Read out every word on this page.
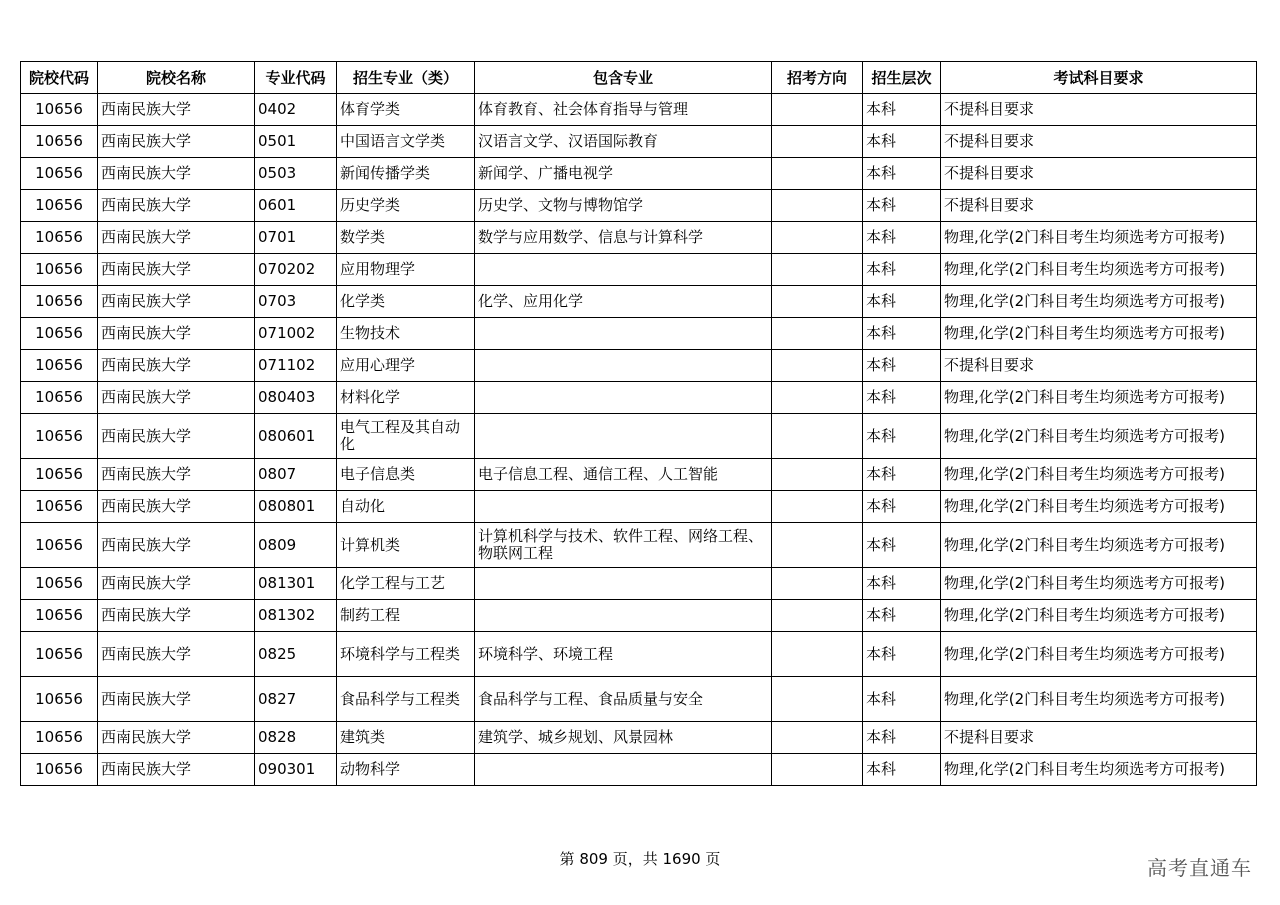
院校代码	院校名称	专业代码	招生专业（类）	包含专业	招考方向	招生层次	考试科目要求
10656	西南民族大学	0402	体育学类	体育教育、社会体育指导与管理		本科	不提科目要求
10656	西南民族大学	0501	中国语言文学类	汉语言文学、汉语国际教育		本科	不提科目要求
10656	西南民族大学	0503	新闻传播学类	新闻学、广播电视学		本科	不提科目要求
10656	西南民族大学	0601	历史学类	历史学、文物与博物馆学		本科	不提科目要求
10656	西南民族大学	0701	数学类	数学与应用数学、信息与计算科学		本科	物理,化学(2门科目考生均须选考方可报考)
10656	西南民族大学	070202	应用物理学			本科	物理,化学(2门科目考生均须选考方可报考)
10656	西南民族大学	0703	化学类	化学、应用化学		本科	物理,化学(2门科目考生均须选考方可报考)
10656	西南民族大学	071002	生物技术			本科	物理,化学(2门科目考生均须选考方可报考)
10656	西南民族大学	071102	应用心理学			本科	不提科目要求
10656	西南民族大学	080403	材料化学			本科	物理,化学(2门科目考生均须选考方可报考)
10656	西南民族大学	080601	电气工程及其自动化			本科	物理,化学(2门科目考生均须选考方可报考)
10656	西南民族大学	0807	电子信息类	电子信息工程、通信工程、人工智能		本科	物理,化学(2门科目考生均须选考方可报考)
10656	西南民族大学	080801	自动化			本科	物理,化学(2门科目考生均须选考方可报考)
10656	西南民族大学	0809	计算机类	计算机科学与技术、软件工程、网络工程、物联网工程		本科	物理,化学(2门科目考生均须选考方可报考)
10656	西南民族大学	081301	化学工程与工艺			本科	物理,化学(2门科目考生均须选考方可报考)
10656	西南民族大学	081302	制药工程			本科	物理,化学(2门科目考生均须选考方可报考)
10656	西南民族大学	0825	环境科学与工程类	环境科学、环境工程		本科	物理,化学(2门科目考生均须选考方可报考)
10656	西南民族大学	0827	食品科学与工程类	食品科学与工程、食品质量与安全		本科	物理,化学(2门科目考生均须选考方可报考)
10656	西南民族大学	0828	建筑类	建筑学、城乡规划、风景园林		本科	不提科目要求
10656	西南民族大学	090301	动物科学			本科	物理,化学(2门科目考生均须选考方可报考)
第 809 页，共 1690 页	高考直通车
